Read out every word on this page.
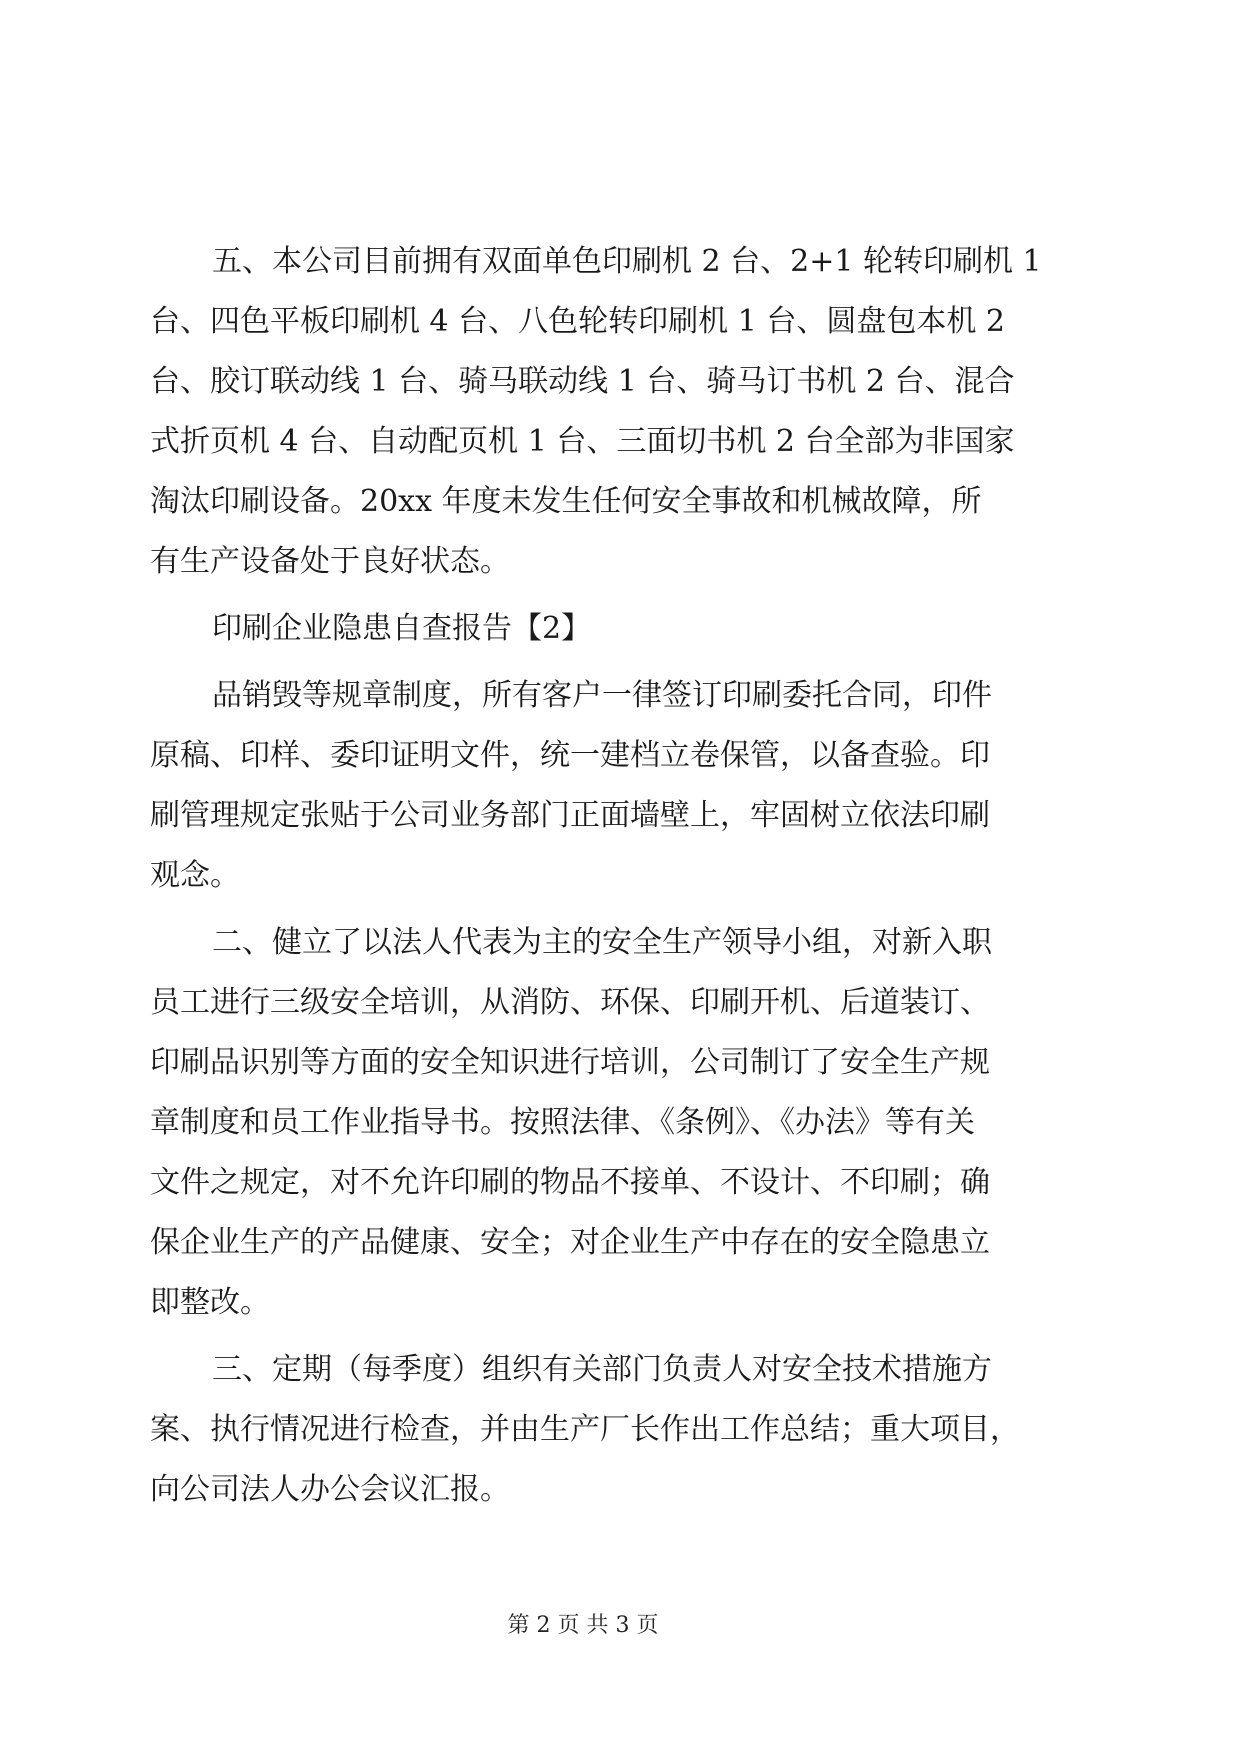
五、本公司目前拥有双面单色印刷机 2 台、2+1 轮转印刷机 1
台、四色平板印刷机 4 台、八色轮转印刷机 1 台、圆盘包本机 2
台、胶订联动线 1 台、骑马联动线 1 台、骑马订书机 2 台、混合
式折页机 4 台、自动配页机 1 台、三面切书机 2 台全部为非国家
淘汰印刷设备。20xx 年度未发生任何安全事故和机械故障，所
有生产设备处于良好状态。
印刷企业隐患自查报告【2】
品销毁等规章制度，所有客户一律签订印刷委托合同，印件
原稿、印样、委印证明文件，统一建档立卷保管，以备查验。印
刷管理规定张贴于公司业务部门正面墙壁上，牢固树立依法印刷
观念。
二、健立了以法人代表为主的安全生产领导小组，对新入职
员工进行三级安全培训，从消防、环保、印刷开机、后道装订、
印刷品识别等方面的安全知识进行培训，公司制订了安全生产规
章制度和员工作业指导书。按照法律、《条例》、《办法》等有关
文件之规定，对不允许印刷的物品不接单、不设计、不印刷；确
保企业生产的产品健康、安全；对企业生产中存在的安全隐患立
即整改。
三、定期（每季度）组织有关部门负责人对安全技术措施方
案、执行情况进行检查，并由生产厂长作出工作总结；重大项目，
向公司法人办公会议汇报。
第 2 页 共 3 页
